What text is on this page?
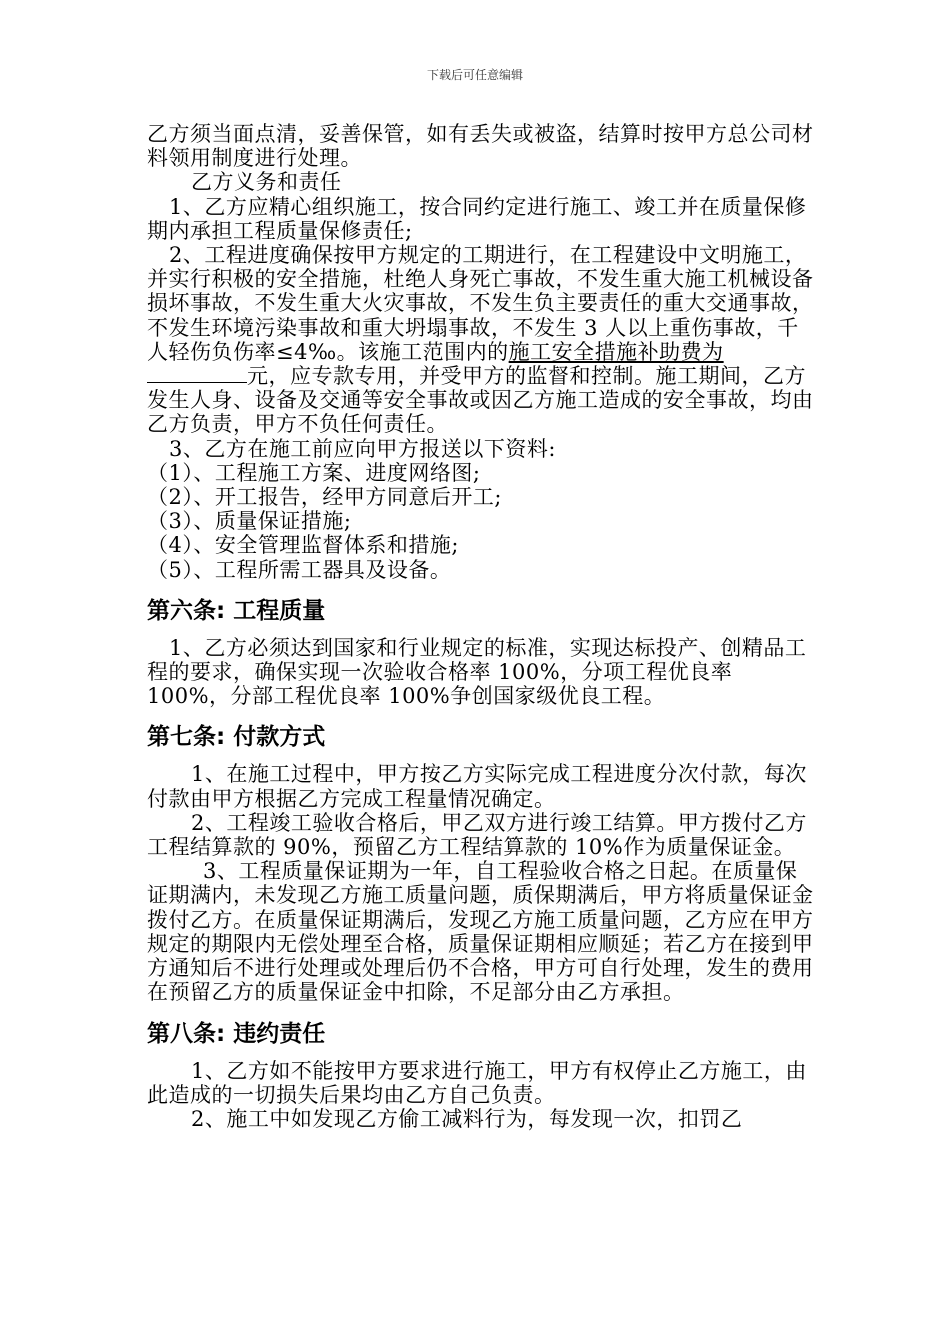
下载后可任意编辑

乙方须当面点清，妥善保管，如有丢失或被盗，结算时按甲方总公司材料领用制度进行处理。

乙方义务和责任

1、乙方应精心组织施工，按合同约定进行施工、竣工并在质量保修期内承担工程质量保修责任;

2、工程进度确保按甲方规定的工期进行，在工程建设中文明施工，并实行积极的安全措施，杜绝人身死亡事故，不发生重大施工机械设备损坏事故，不发生重大火灾事故，不发生负主要责任的重大交通事故，不发生环境污染事故和重大坍塌事故，不发生 3 人以上重伤事故，千人轻伤负伤率≤4‰。该施工范围内的施工安全措施补助费为元，应专款专用，并受甲方的监督和控制。施工期间，乙方发生人身、设备及交通等安全事故或因乙方施工造成的安全事故，均由乙方负责，甲方不负任何责任。

3、乙方在施工前应向甲方报送以下资料:

（1）、工程施工方案、进度网络图;

（2）、开工报告，经甲方同意后开工;

（3）、质量保证措施;

（4）、安全管理监督体系和措施;

（5）、工程所需工器具及设备。

第六条: 工程质量

1、乙方必须达到国家和行业规定的标准，实现达标投产、创精品工程的要求，确保实现一次验收合格率 100%，分项工程优良率 100%，分部工程优良率 100%争创国家级优良工程。

第七条: 付款方式

1、在施工过程中，甲方按乙方实际完成工程进度分次付款，每次付款由甲方根据乙方完成工程量情况确定。

2、工程竣工验收合格后，甲乙双方进行竣工结算。甲方拨付乙方工程结算款的 90%，预留乙方工程结算款的 10%作为质量保证金。

3、工程质量保证期为一年，自工程验收合格之日起。在质量保证期满内，未发现乙方施工质量问题，质保期满后，甲方将质量保证金拨付乙方。在质量保证期满后，发现乙方施工质量问题，乙方应在甲方规定的期限内无偿处理至合格，质量保证期相应顺延；若乙方在接到甲方通知后不进行处理或处理后仍不合格，甲方可自行处理，发生的费用在预留乙方的质量保证金中扣除，不足部分由乙方承担。

第八条: 违约责任

1、乙方如不能按甲方要求进行施工，甲方有权停止乙方施工，由此造成的一切损失后果均由乙方自己负责。

2、施工中如发现乙方偷工减料行为，每发现一次，扣罚乙
